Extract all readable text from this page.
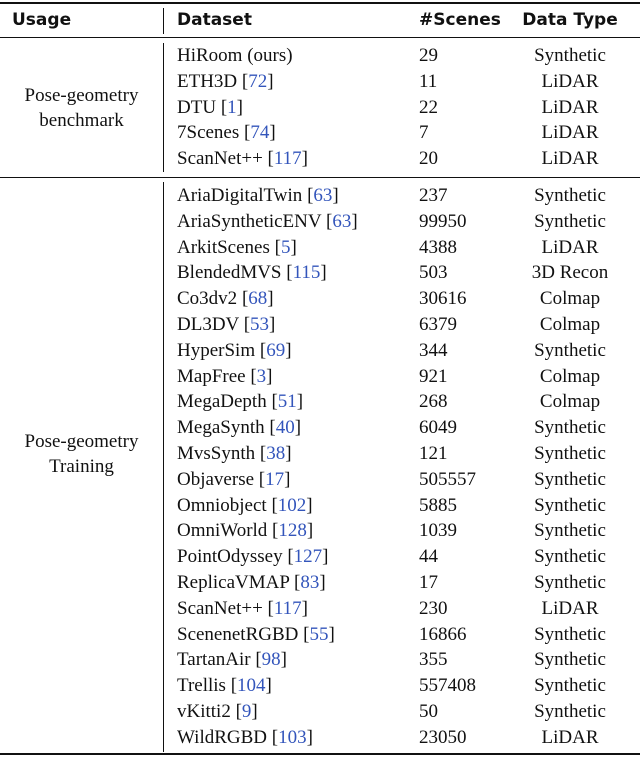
Usage	Dataset	#Scenes	Data Type
Pose-geometry
benchmark
HiRoom (ours)	29	Synthetic
ETH3D [72]	11	LiDAR
DTU [1]	22	LiDAR
7Scenes [74]	7	LiDAR
ScanNet++ [117]	20	LiDAR
Pose-geometry
Training
AriaDigitalTwin [63]	237	Synthetic
AriaSyntheticENV [63]	99950	Synthetic
ArkitScenes [5]	4388	LiDAR
BlendedMVS [115]	503	3D Recon
Co3dv2 [68]	30616	Colmap
DL3DV [53]	6379	Colmap
HyperSim [69]	344	Synthetic
MapFree [3]	921	Colmap
MegaDepth [51]	268	Colmap
MegaSynth [40]	6049	Synthetic
MvsSynth [38]	121	Synthetic
Objaverse [17]	505557	Synthetic
Omniobject [102]	5885	Synthetic
OmniWorld [128]	1039	Synthetic
PointOdyssey [127]	44	Synthetic
ReplicaVMAP [83]	17	Synthetic
ScanNet++ [117]	230	LiDAR
ScenenetRGBD [55]	16866	Synthetic
TartanAir [98]	355	Synthetic
Trellis [104]	557408	Synthetic
vKitti2 [9]	50	Synthetic
WildRGBD [103]	23050	LiDAR
